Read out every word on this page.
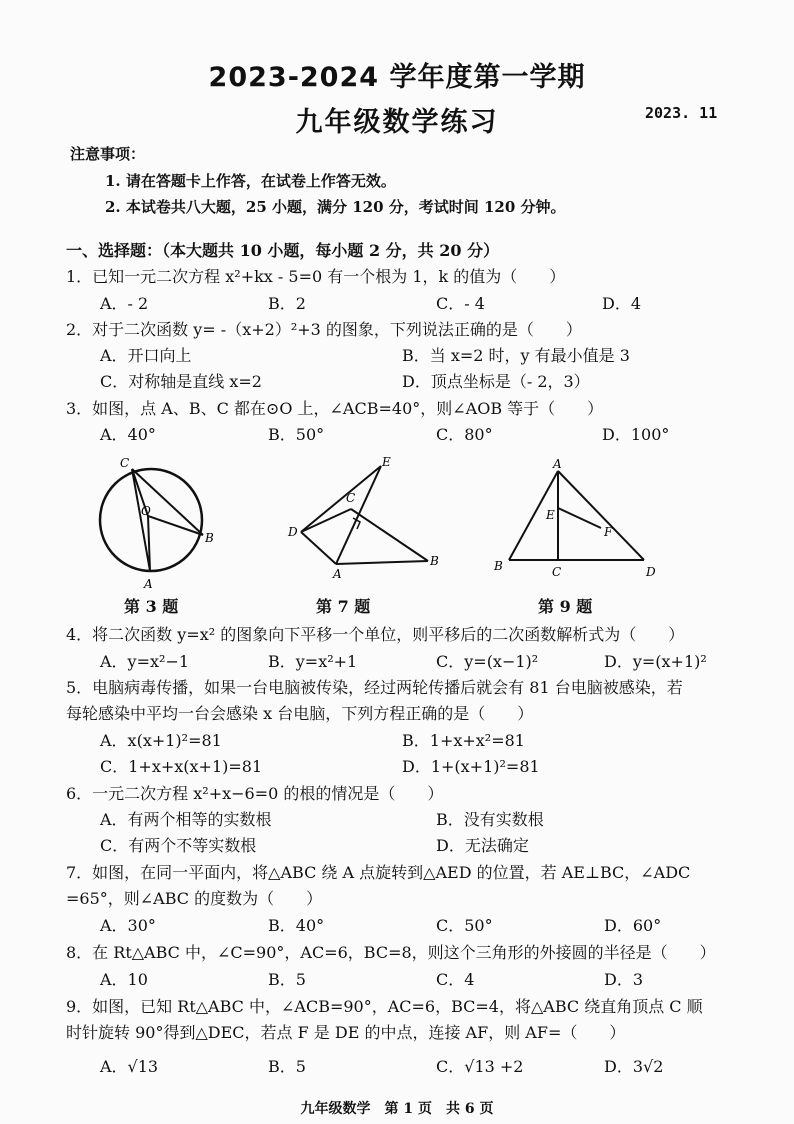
2023-2024 学年度第一学期
九年级数学练习	2023. 11
注意事项：
1. 请在答题卡上作答，在试卷上作答无效。
2. 本试卷共八大题，25 小题，满分 120 分，考试时间 120 分钟。
一、选择题：（本大题共 10 小题，每小题 2 分，共 20 分）
1．已知一元二次方程 x²+kx - 5=0 有一个根为 1，k 的值为（　　）
A．- 2	B．2	C．- 4	D．4
2．对于二次函数 y= -（x+2）²+3 的图象，下列说法正确的是（　　）
A．开口向上	B．当 x=2 时，y 有最小值是 3
C．对称轴是直线 x=2	D．顶点坐标是（- 2，3）
3．如图，点 A、B、C 都在⊙O 上，∠ACB=40°，则∠AOB 等于（　　）
A．40°	B．50°	C．80°	D．100°
C
O
B
A
E
C
D
A
B
A
E
F
B	C	D
第 3 题	第 7 题	第 9 题
4．将二次函数 y=x² 的图象向下平移一个单位，则平移后的二次函数解析式为（　　）
A．y=x²−1	B．y=x²+1	C．y=(x−1)²	D．y=(x+1)²
5．电脑病毒传播，如果一台电脑被传染，经过两轮传播后就会有 81 台电脑被感染，若
每轮感染中平均一台会感染 x 台电脑，下列方程正确的是（　　）
A．x(x+1)²=81	B．1+x+x²=81
C．1+x+x(x+1)=81	D．1+(x+1)²=81
6．一元二次方程 x²+x−6=0 的根的情况是（　　）
A．有两个相等的实数根	B．没有实数根
C．有两个不等实数根	D．无法确定
7．如图，在同一平面内，将△ABC 绕 A 点旋转到△AED 的位置，若 AE⊥BC，∠ADC
=65°，则∠ABC 的度数为（　　）
A．30°	B．40°	C．50°	D．60°
8．在 Rt△ABC 中，∠C=90°，AC=6，BC=8，则这个三角形的外接圆的半径是（　　）
A．10	B．5	C．4	D．3
9．如图，已知 Rt△ABC 中，∠ACB=90°，AC=6，BC=4，将△ABC 绕直角顶点 C 顺
时针旋转 90°得到△DEC，若点 F 是 DE 的中点，连接 AF，则 AF=（　　）
A．√13	B．5	C．√13 +2	D．3√2
九年级数学　第 1 页　共 6 页
